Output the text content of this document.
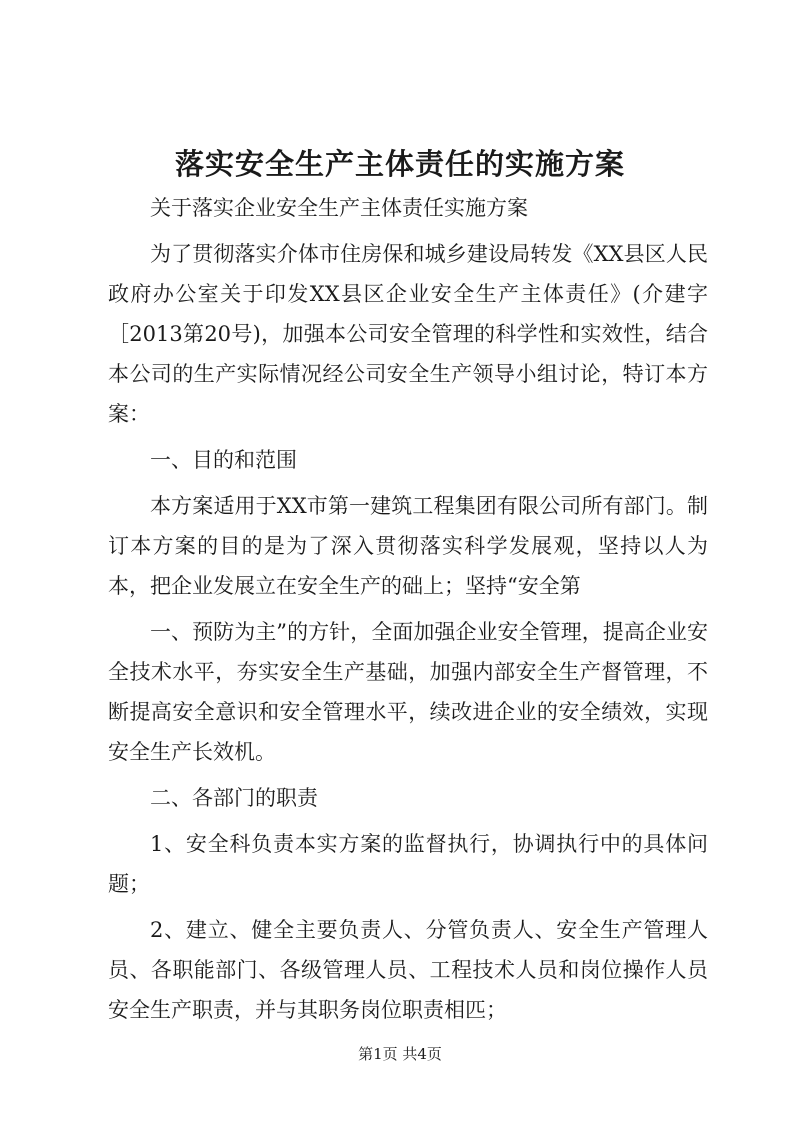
落实安全生产主体责任的实施方案

关于落实企业安全生产主体责任实施方案

为了贯彻落实介体市住房保和城乡建设局转发《XX县区人民政府办公室关于印发XX县区企业安全生产主体责任》(介建字［2013第20号)，加强本公司安全管理的科学性和实效性，结合本公司的生产实际情况经公司安全生产领导小组讨论，特订本方案：

一、目的和范围

本方案适用于XX市第一建筑工程集团有限公司所有部门。制订本方案的目的是为了深入贯彻落实科学发展观，坚持以人为本，把企业发展立在安全生产的础上；坚持“安全第

一、预防为主”的方针，全面加强企业安全管理，提高企业安全技术水平，夯实安全生产基础，加强内部安全生产督管理，不断提高安全意识和安全管理水平，续改进企业的安全绩效，实现安全生产长效机。

二、各部门的职责

1、安全科负责本实方案的监督执行，协调执行中的具体问题；

2、建立、健全主要负责人、分管负责人、安全生产管理人员、各职能部门、各级管理人员、工程技术人员和岗位操作人员安全生产职责，并与其职务岗位职责相匹；

第1页 共4页
